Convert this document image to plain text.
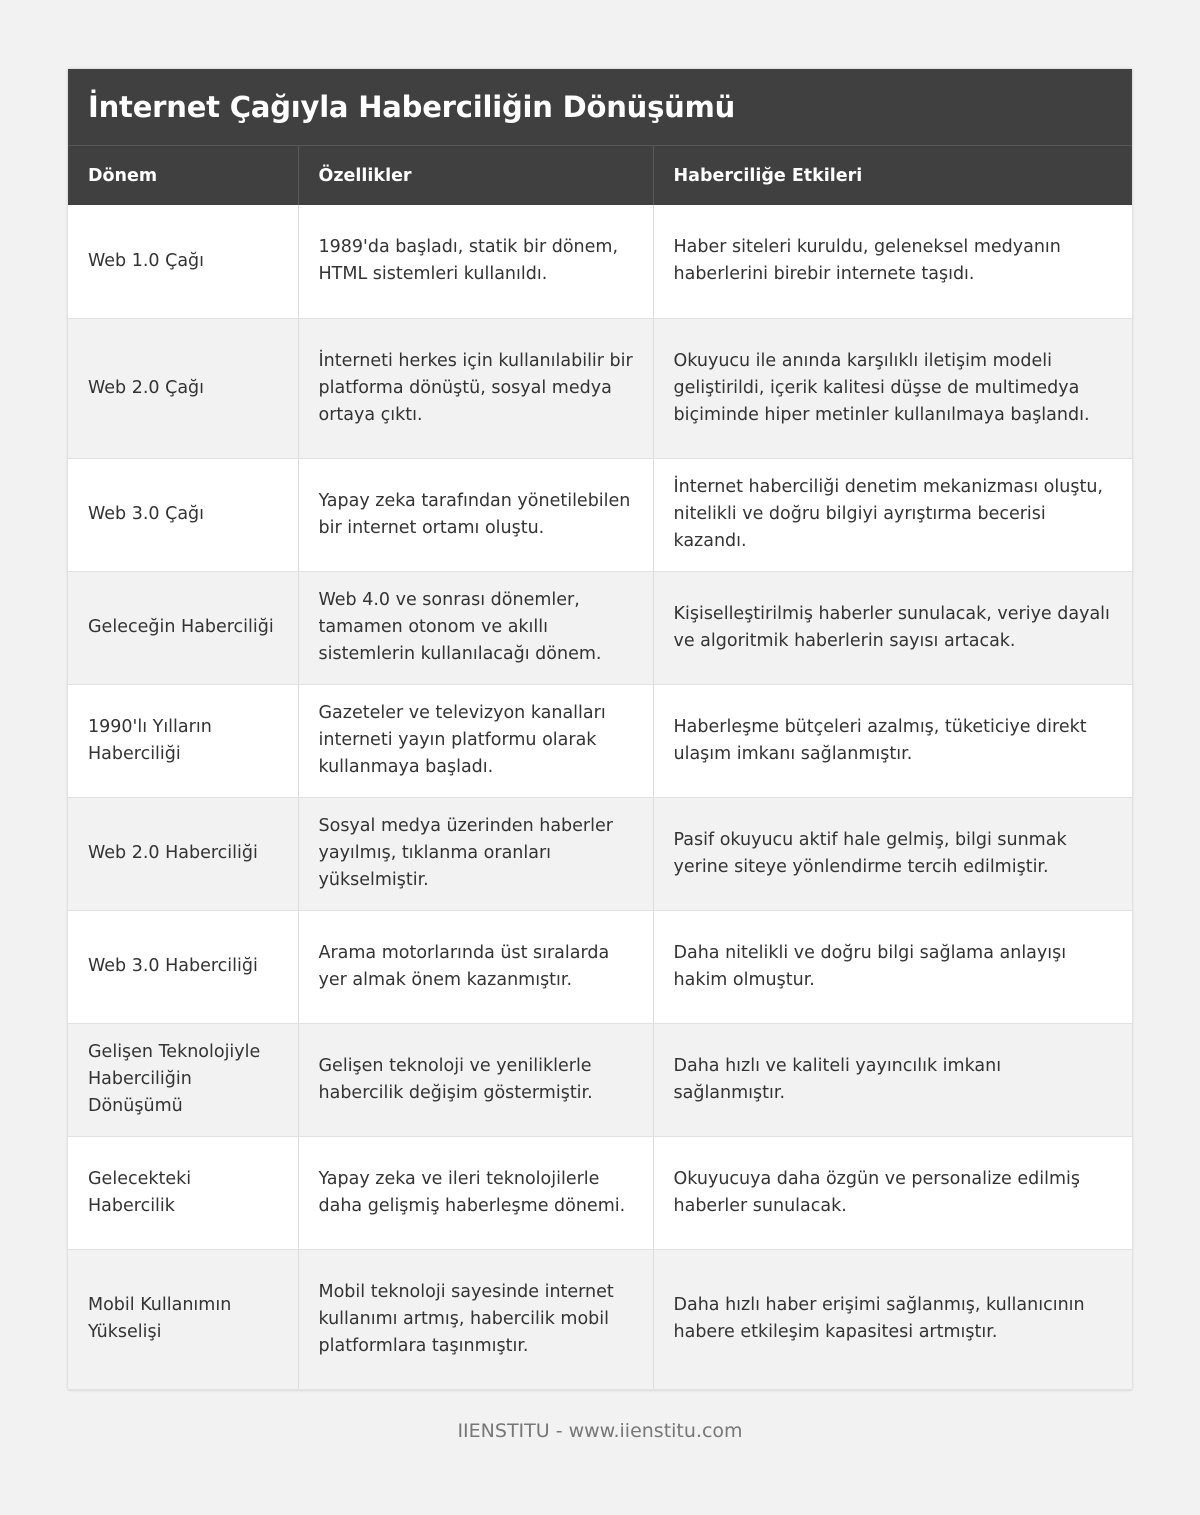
İnternet Çağıyla Haberciliğin Dönüşümü
Dönem	Özellikler	Haberciliğe Etkileri
Web 1.0 Çağı	1989'da başladı, statik bir dönem, HTML sistemleri kullanıldı.	Haber siteleri kuruldu, geleneksel medyanın haberlerini birebir internete taşıdı.
Web 2.0 Çağı	İnterneti herkes için kullanılabilir bir platforma dönüştü, sosyal medya ortaya çıktı.	Okuyucu ile anında karşılıklı iletişim modeli geliştirildi, içerik kalitesi düşse de multimedya biçiminde hiper metinler kullanılmaya başlandı.
Web 3.0 Çağı	Yapay zeka tarafından yönetilebilen bir internet ortamı oluştu.	İnternet haberciliği denetim mekanizması oluştu, nitelikli ve doğru bilgiyi ayrıştırma becerisi kazandı.
Geleceğin Haberciliği	Web 4.0 ve sonrası dönemler, tamamen otonom ve akıllı sistemlerin kullanılacağı dönem.	Kişiselleştirilmiş haberler sunulacak, veriye dayalı ve algoritmik haberlerin sayısı artacak.
1990'lı Yılların Haberciliği	Gazeteler ve televizyon kanalları interneti yayın platformu olarak kullanmaya başladı.	Haberleşme bütçeleri azalmış, tüketiciye direkt ulaşım imkanı sağlanmıştır.
Web 2.0 Haberciliği	Sosyal medya üzerinden haberler yayılmış, tıklanma oranları yükselmiştir.	Pasif okuyucu aktif hale gelmiş, bilgi sunmak yerine siteye yönlendirme tercih edilmiştir.
Web 3.0 Haberciliği	Arama motorlarında üst sıralarda yer almak önem kazanmıştır.	Daha nitelikli ve doğru bilgi sağlama anlayışı hakim olmuştur.
Gelişen Teknolojiyle Haberciliğin Dönüşümü	Gelişen teknoloji ve yeniliklerle habercilik değişim göstermiştir.	Daha hızlı ve kaliteli yayıncılık imkanı sağlanmıştır.
Gelecekteki Habercilik	Yapay zeka ve ileri teknolojilerle daha gelişmiş haberleşme dönemi.	Okuyucuya daha özgün ve personalize edilmiş haberler sunulacak.
Mobil Kullanımın Yükselişi	Mobil teknoloji sayesinde internet kullanımı artmış, habercilik mobil platformlara taşınmıştır.	Daha hızlı haber erişimi sağlanmış, kullanıcının habere etkileşim kapasitesi artmıştır.
IIENSTITU - www.iienstitu.com
